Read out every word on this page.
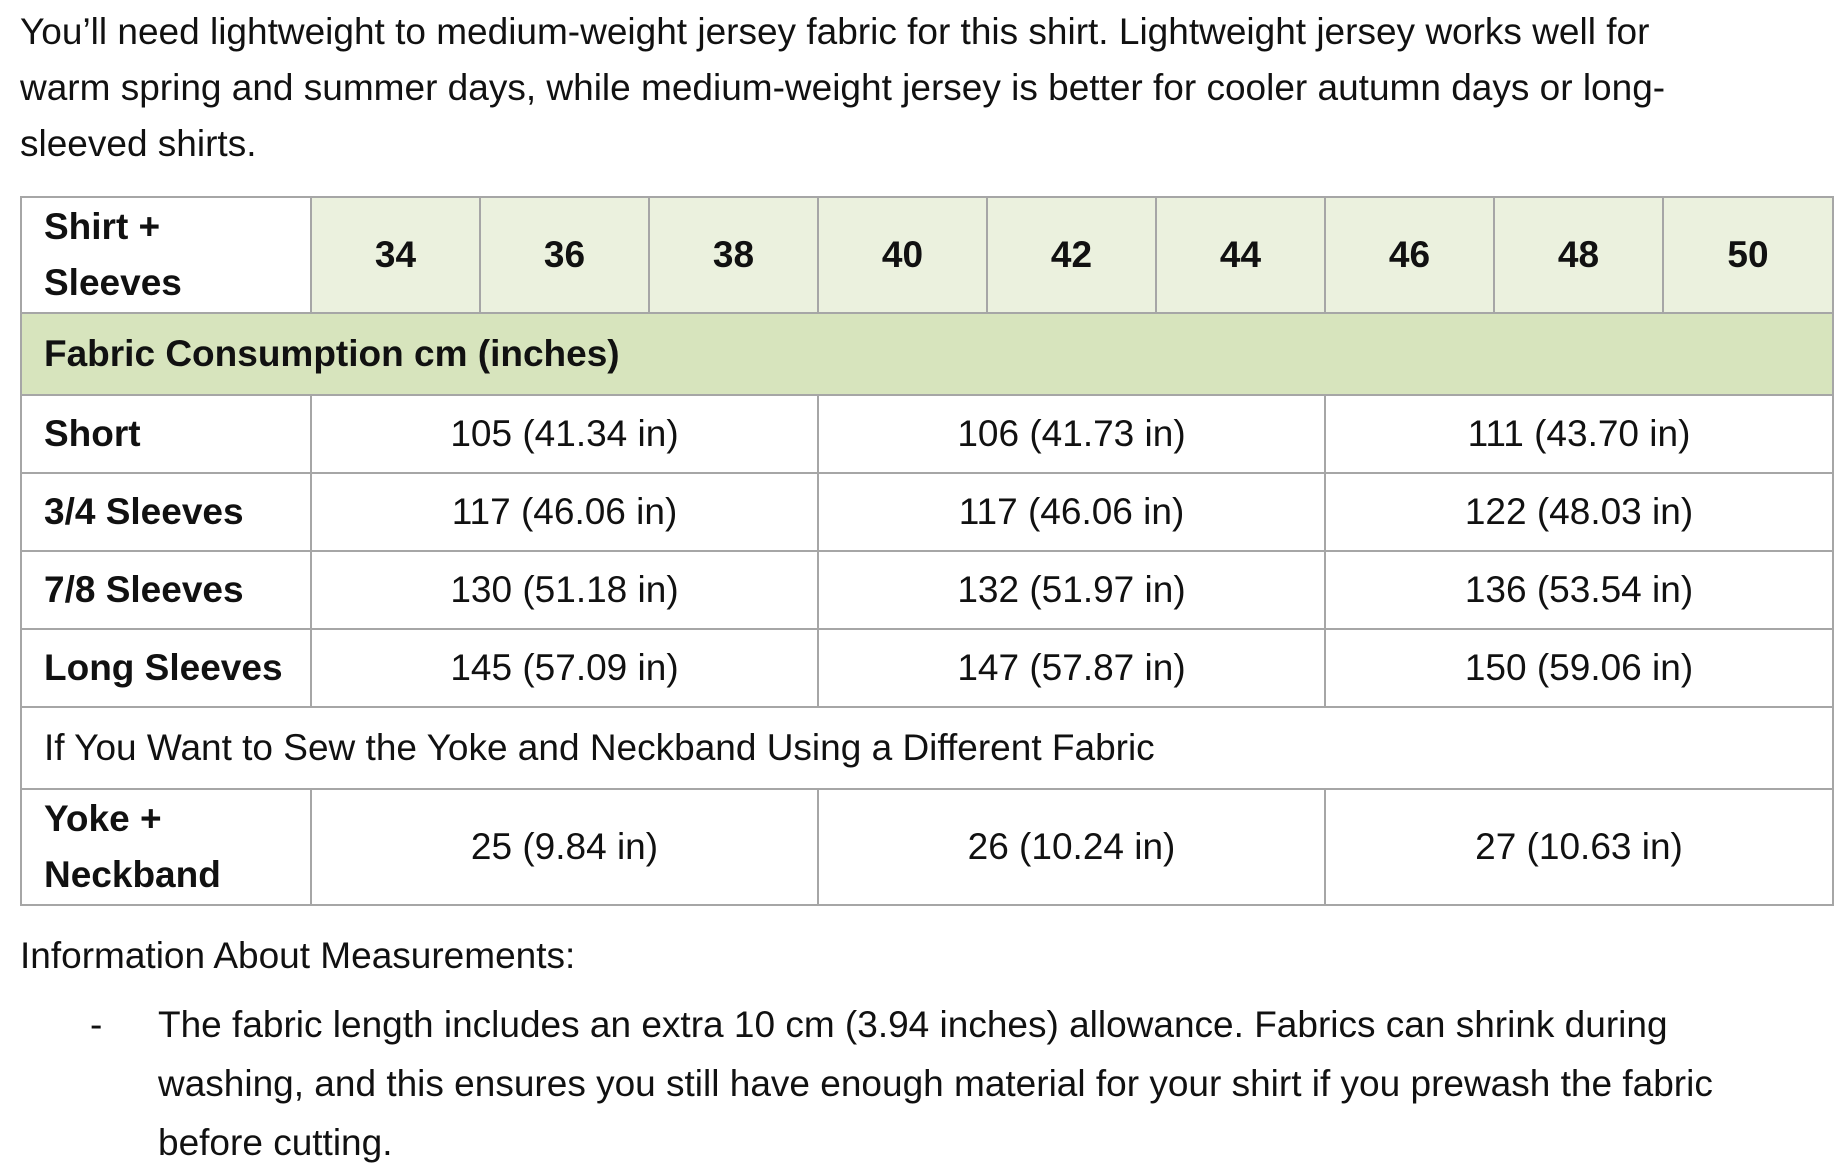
You’ll need lightweight to medium-weight jersey fabric for this shirt. Lightweight jersey works well for warm spring and summer days, while medium-weight jersey is better for cooler autumn days or long-sleeved shirts.

Shirt +
Sleeves	34	36	38	40	42	44	46	48	50
Fabric Consumption cm (inches)									
Short	105 (41.34 in)			106 (41.73 in)			111 (43.70 in)		
3/4 Sleeves	117 (46.06 in)			117 (46.06 in)			122 (48.03 in)		
7/8 Sleeves	130 (51.18 in)			132 (51.97 in)			136 (53.54 in)		
Long Sleeves	145 (57.09 in)			147 (57.87 in)			150 (59.06 in)		
If You Want to Sew the Yoke and Neckband Using a Different Fabric									
Yoke +
Neckband	25 (9.84 in)			26 (10.24 in)			27 (10.63 in)		

Information About Measurements:

- The fabric length includes an extra 10 cm (3.94 inches) allowance. Fabrics can shrink during washing, and this ensures you still have enough material for your shirt if you prewash the fabric before cutting.
